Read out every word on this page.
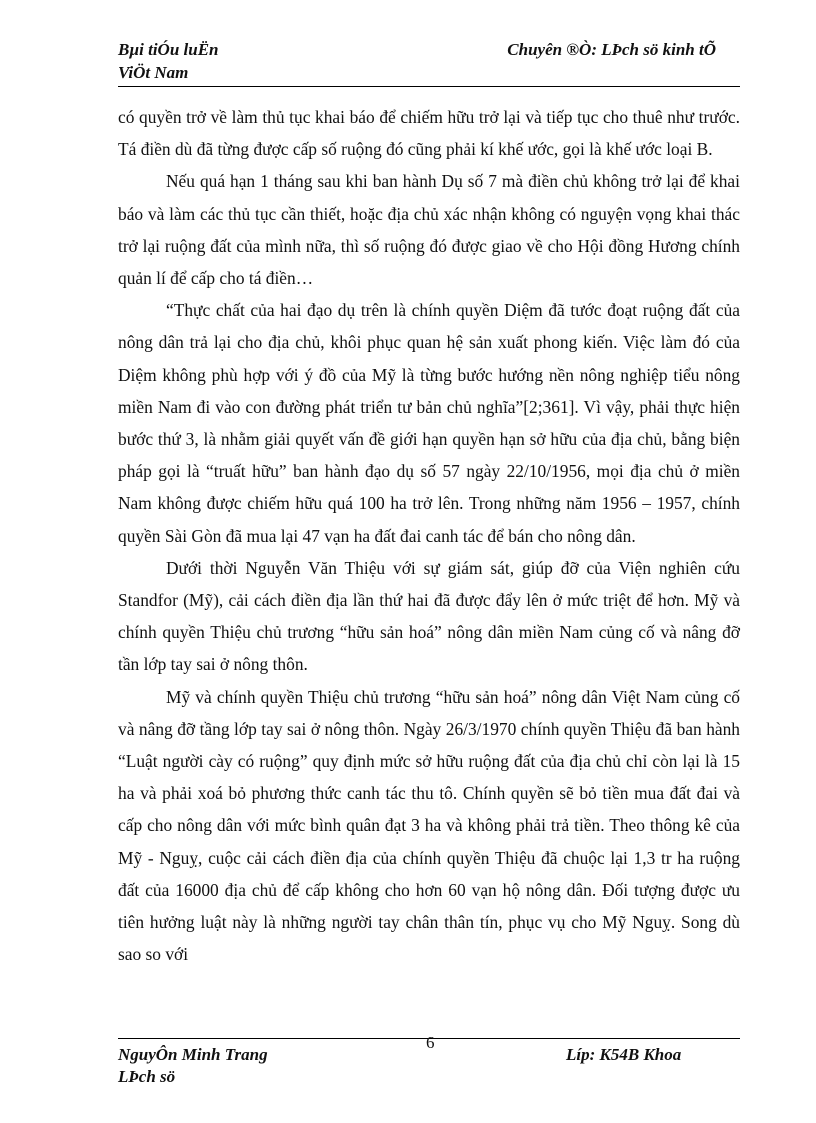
Bµi tiÓu luËn
ViÖt Nam
Chuyên ®Ò: LÞch sö kinh tÕ

có quyền trở về làm thủ tục khai báo để chiếm hữu trở lại và tiếp tục cho thuê như trước. Tá điền dù đã từng được cấp số ruộng đó cũng phải kí khế ước, gọi là khế ước loại B.

Nếu quá hạn 1 tháng sau khi ban hành Dụ số 7 mà điền chủ không trở lại để khai báo và làm các thủ tục cần thiết, hoặc địa chủ xác nhận không có nguyện vọng khai thác trở lại ruộng đất của mình nữa, thì số ruộng đó được giao về cho Hội đồng Hương chính quản lí để cấp cho tá điền…

“Thực chất của hai đạo dụ trên là chính quyền Diệm đã tước đoạt ruộng đất của nông dân trả lại cho địa chủ, khôi phục quan hệ sản xuất phong kiến. Việc làm đó của Diệm không phù hợp với ý đồ của Mỹ là từng bước hướng nền nông nghiệp tiểu nông miền Nam đi vào con đường phát triển tư bản chủ nghĩa”[2;361]. Vì vậy, phải thực hiện bước thứ 3, là nhằm giải quyết vấn đề giới hạn quyền hạn sở hữu của địa chủ, bằng biện pháp gọi là “truất hữu” ban hành đạo dụ số 57 ngày 22/10/1956, mọi địa chủ ở miền Nam không được chiếm hữu quá 100 ha trở lên. Trong những năm 1956 – 1957, chính quyền Sài Gòn đã mua lại 47 vạn ha đất đai canh tác để bán cho nông dân.

Dưới thời Nguyễn Văn Thiệu với sự giám sát, giúp đỡ của Viện nghiên cứu Standfor (Mỹ), cải cách điền địa lần thứ hai đã được đẩy lên ở mức triệt để hơn. Mỹ và chính quyền Thiệu chủ trương “hữu sản hoá” nông dân miền Nam củng cố và nâng đỡ tần lớp tay sai ở nông thôn.

Mỹ và chính quyền Thiệu chủ trương “hữu sản hoá” nông dân Việt Nam củng cố và nâng đỡ tầng lớp tay sai ở nông thôn. Ngày 26/3/1970 chính quyền Thiệu đã ban hành “Luật người cày có ruộng” quy định mức sở hữu ruộng đất của địa chủ chỉ còn lại là 15 ha và phải xoá bỏ phương thức canh tác thu tô. Chính quyền sẽ bỏ tiền mua đất đai và cấp cho nông dân với mức bình quân đạt 3 ha và không phải trả tiền. Theo thông kê của Mỹ - Nguỵ, cuộc cải cách điền địa của chính quyền Thiệu đã chuộc lại 1,3 tr ha ruộng đất của 16000 địa chủ để cấp không cho hơn 60 vạn hộ nông dân. Đối tượng được ưu tiên hưởng luật này là những người tay chân thân tín, phục vụ cho Mỹ Nguỵ. Song dù sao so với

NguyÔn Minh Trang
LÞch sö
6
Líp: K54B Khoa
